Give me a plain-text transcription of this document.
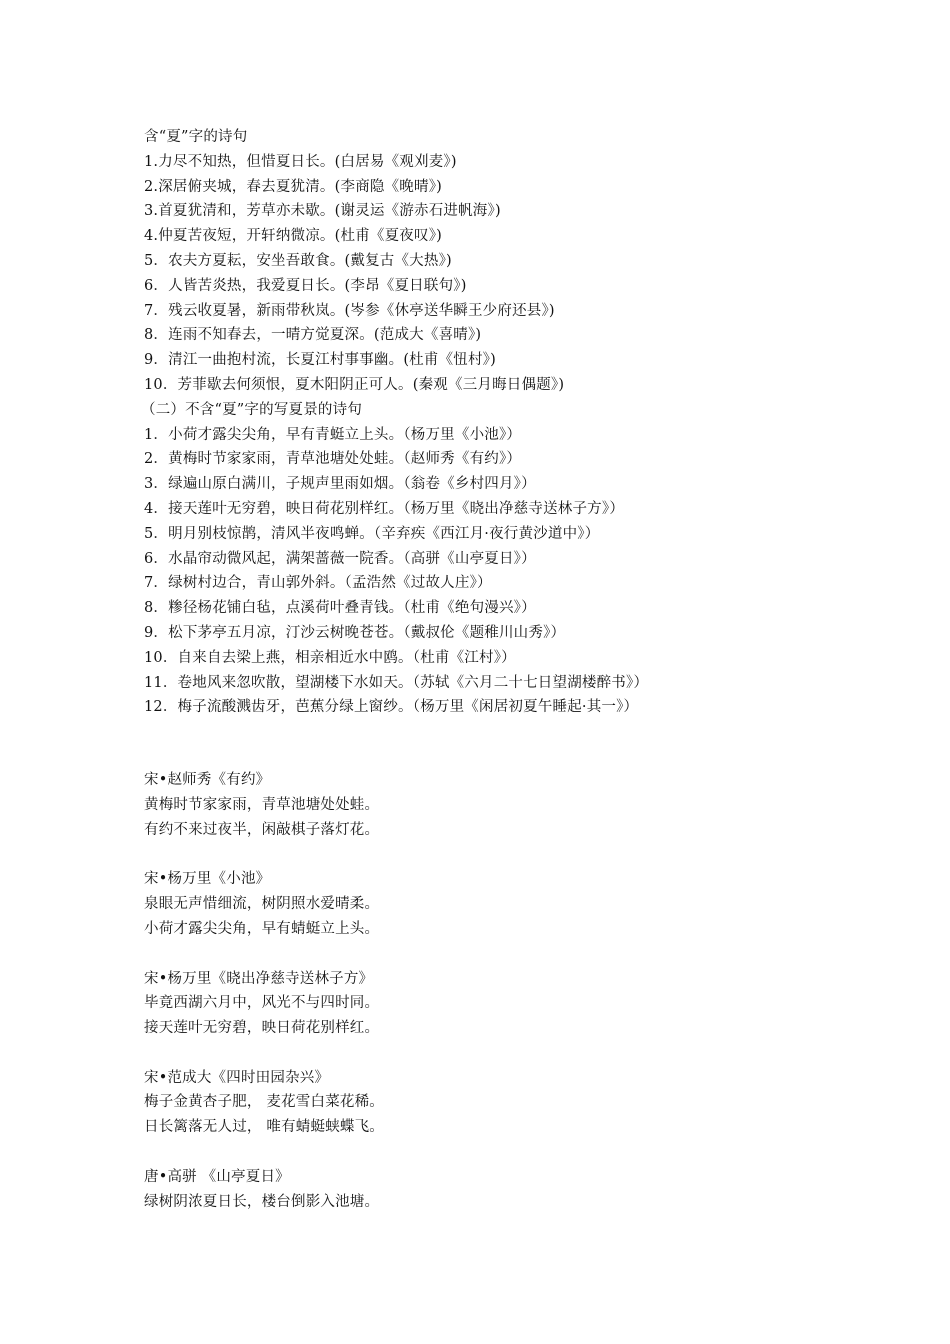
含“夏”字的诗句
1.力尽不知热，但惜夏日长。(白居易《观刈麦》)
2.深居俯夹城，春去夏犹清。(李商隐《晚晴》)
3.首夏犹清和，芳草亦未歇。(谢灵运《游赤石进帆海》)
4.仲夏苦夜短，开轩纳微凉。(杜甫《夏夜叹》)
5．农夫方夏耘，安坐吾敢食。(戴复古《大热》)
6．人皆苦炎热，我爱夏日长。(李昂《夏日联句》)
7．残云收夏暑，新雨带秋岚。(岑参《休亭送华瞬王少府还县》)
8．连雨不知春去，一晴方觉夏深。(范成大《喜晴》)
9．清江一曲抱村流，长夏江村事事幽。(杜甫《忸村》)
10．芳菲歇去何须恨，夏木阳阴正可人。(秦观《三月晦日偶题》)
（二）不含“夏”字的写夏景的诗句
1．小荷才露尖尖角，早有青蜓立上头。（杨万里《小池》）
2．黄梅时节家家雨，青草池塘处处蛙。（赵师秀《有约》）
3．绿遍山原白满川，子规声里雨如烟。（翁卷《乡村四月》）
4．接天莲叶无穷碧，映日荷花别样红。（杨万里《晓出净慈寺送林子方》）
5．明月别枝惊鹊，清风半夜鸣蝉。（辛弃疾《西江月·夜行黄沙道中》）
6．水晶帘动微风起，满架蔷薇一院香。（高骈《山亭夏日》）
7．绿树村边合，青山郭外斜。（孟浩然《过故人庄》）
8．糁径杨花铺白毡，点溪荷叶叠青钱。（杜甫《绝句漫兴》）
9．松下茅亭五月凉，汀沙云树晚苍苍。（戴叔伦《题稚川山秀》）
10．自来自去梁上燕，相亲相近水中鸥。（杜甫《江村》）
11．卷地风来忽吹散，望湖楼下水如天。（苏轼《六月二十七日望湖楼醉书》）
12．梅子流酸溅齿牙，芭蕉分绿上窗纱。（杨万里《闲居初夏午睡起·其一》）
宋•赵师秀《有约》
黄梅时节家家雨，青草池塘处处蛙。
有约不来过夜半，闲敲棋子落灯花。
宋•杨万里《小池》
泉眼无声惜细流，树阴照水爱晴柔。
小荷才露尖尖角，早有蜻蜓立上头。
宋•杨万里《晓出净慈寺送林子方》
毕竟西湖六月中，风光不与四时同。
接天莲叶无穷碧，映日荷花别样红。
宋•范成大《四时田园杂兴》
梅子金黄杏子肥， 麦花雪白菜花稀。
日长篱落无人过， 唯有蜻蜓蛱蝶飞。
唐•高骈 《山亭夏日》
绿树阴浓夏日长，楼台倒影入池塘。
